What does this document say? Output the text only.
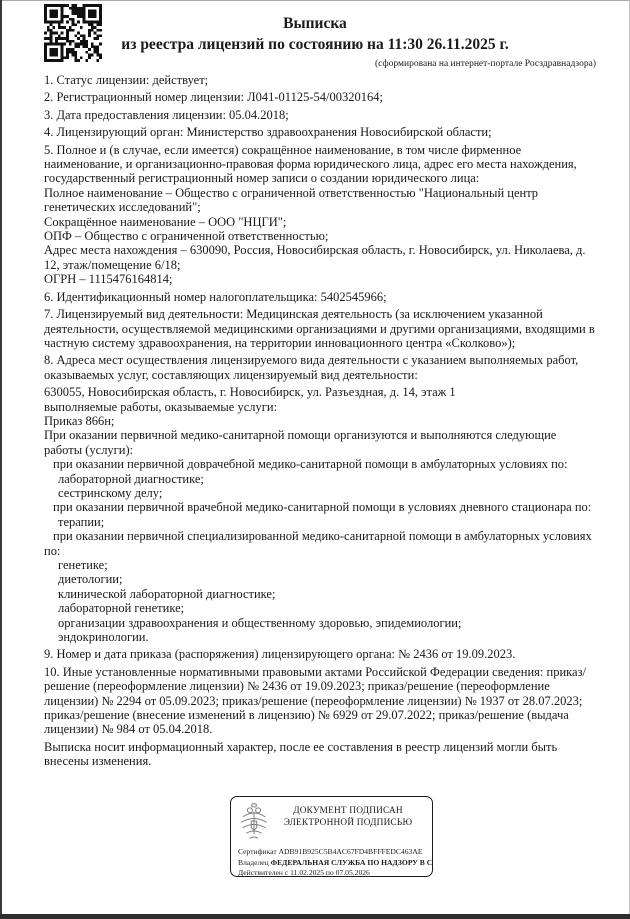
Выписка
из реестра лицензий по состоянию на 11:30 26.11.2025 г.
(сформирована на интернет-портале Росздравнадзора)

1. Статус лицензии: действует;

2. Регистрационный номер лицензии: Л041-01125-54/00320164;

3. Дата предоставления лицензии: 05.04.2018;

4. Лицензирующий орган: Министерство здравоохранения Новосибирской области;

5. Полное и (в случае, если имеется) сокращённое наименование, в том числе фирменное наименование, и организационно-правовая форма юридического лица, адрес его места нахождения, государственный регистрационный номер записи о создании юридического лица:

Полное наименование – Общество с ограниченной ответственностью "Национальный центр генетических исследований";

Сокращённое наименование – ООО "НЦГИ";

ОПФ – Общество с ограниченной ответственностью;

Адрес места нахождения – 630090, Россия, Новосибирская область, г. Новосибирск, ул. Николаева, д. 12, этаж/помещение 6/18;

ОГРН – 1115476164814;

6. Идентификационный номер налогоплательщика: 5402545966;

7. Лицензируемый вид деятельности: Медицинская деятельность (за исключением указанной деятельности, осуществляемой медицинскими организациями и другими организациями, входящими в частную систему здравоохранения, на территории инновационного центра «Сколково»);

8. Адреса мест осуществления лицензируемого вида деятельности с указанием выполняемых работ, оказываемых услуг, составляющих лицензируемый вид деятельности:

630055, Новосибирская область, г. Новосибирск, ул. Разъездная, д. 14, этаж 1

выполняемые работы, оказываемые услуги:

Приказ 866н;

При оказании первичной медико-санитарной помощи организуются и выполняются следующие работы (услуги):

при оказании первичной доврачебной медико-санитарной помощи в амбулаторных условиях по:

лабораторной диагностике;

сестринскому делу;

при оказании первичной врачебной медико-санитарной помощи в условиях дневного стационара по:

терапии;

при оказании первичной специализированной медико-санитарной помощи в амбулаторных условиях по:

генетике;

диетологии;

клинической лабораторной диагностике;

лабораторной генетике;

организации здравоохранения и общественному здоровью, эпидемиологии;

эндокринологии.

9. Номер и дата приказа (распоряжения) лицензирующего органа: № 2436 от 19.09.2023.

10. Иные установленные нормативными правовыми актами Российской Федерации сведения: приказ/решение (переоформление лицензии) № 2436 от 19.09.2023; приказ/решение (переоформление лицензии) № 2294 от 05.09.2023; приказ/решение (переоформление лицензии) № 1937 от 28.07.2023; приказ/решение (внесение изменений в лицензию) № 6929 от 29.07.2022; приказ/решение (выдача лицензии) № 984 от 05.04.2018.

Выписка носит информационный характер, после ее составления в реестр лицензий могли быть внесены изменения.

ДОКУМЕНТ ПОДПИСАН
ЭЛЕКТРОННОЙ ПОДПИСЬЮ
Сертификат ADB91B925C5B4AC67FD4BFFFEDC463AE
Владелец ФЕДЕРАЛЬНАЯ СЛУЖБА ПО НАДЗОРУ В С
Действителен с 11.02.2025 по 07.05.2026
